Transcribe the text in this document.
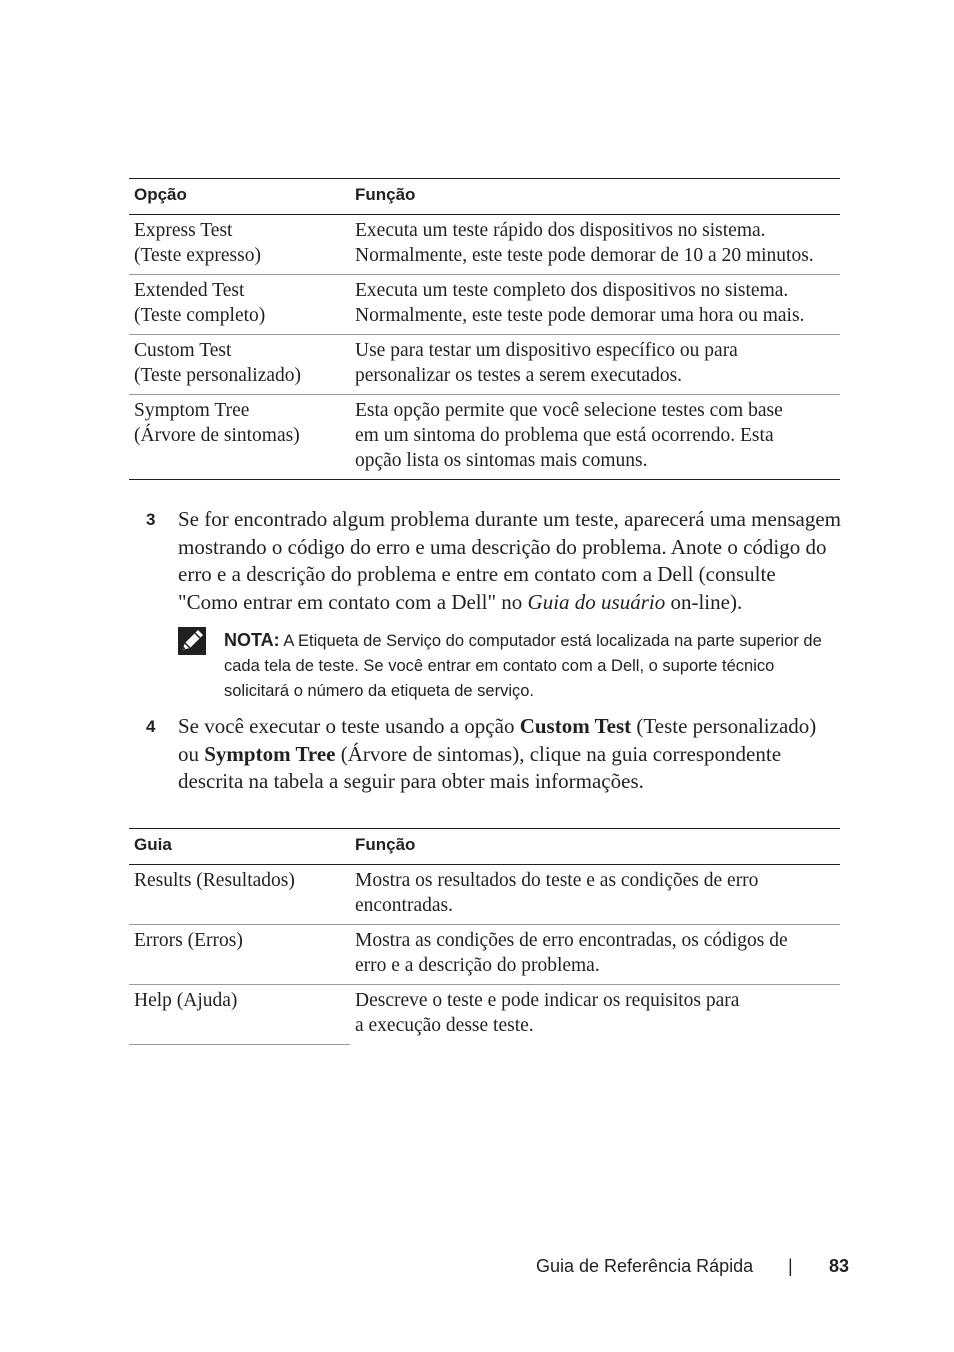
Opção	Função

Express Test
(Teste expresso)	Executa um teste rápido dos dispositivos no sistema.
Normalmente, este teste pode demorar de 10 a 20 minutos.

Extended Test
(Teste completo)	Executa um teste completo dos dispositivos no sistema.
Normalmente, este teste pode demorar uma hora ou mais.

Custom Test
(Teste personalizado)	Use para testar um dispositivo específico ou para
personalizar os testes a serem executados.

Symptom Tree
(Árvore de sintomas)	Esta opção permite que você selecione testes com base
em um sintoma do problema que está ocorrendo. Esta
opção lista os sintomas mais comuns.
3 Se for encontrado algum problema durante um teste, aparecerá uma mensagem
mostrando o código do erro e uma descrição do problema. Anote o código do
erro e a descrição do problema e entre em contato com a Dell (consulte
"Como entrar em contato com a Dell" no Guia do usuário on-line).
NOTA: A Etiqueta de Serviço do computador está localizada na parte superior de
cada tela de teste. Se você entrar em contato com a Dell, o suporte técnico
solicitará o número da etiqueta de serviço.
4 Se você executar o teste usando a opção Custom Test (Teste personalizado)
ou Symptom Tree (Árvore de sintomas), clique na guia correspondente
descrita na tabela a seguir para obter mais informações.
Guia	Função

Results (Resultados)	Mostra os resultados do teste e as condições de erro
encontradas.

Errors (Erros)	Mostra as condições de erro encontradas, os códigos de
erro e a descrição do problema.

Help (Ajuda)	Descreve o teste e pode indicar os requisitos para
a execução desse teste.
Guia de Referência Rápida | 83
